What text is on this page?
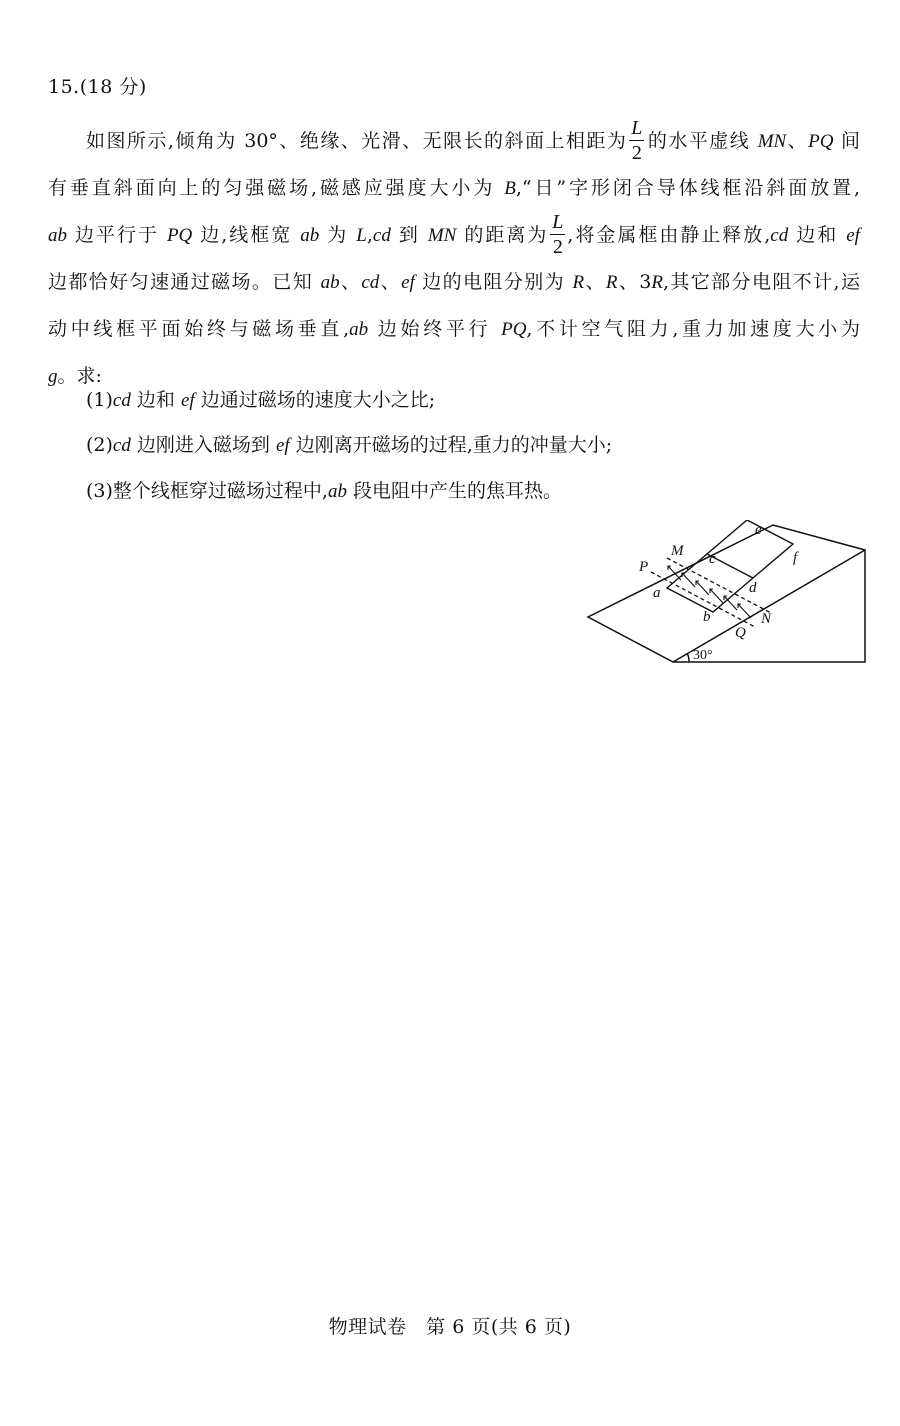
15.(18 分)
如图所示,倾角为 30°、绝缘、光滑、无限长的斜面上相距为 $\frac{L}{2}$ 的水平虚线 MN、PQ 间
有垂直斜面向上的匀强磁场,磁感应强度大小为 B,“日”字形闭合导体线框沿斜面放置,
ab 边平行于 PQ 边,线框宽 ab 为 L,cd 到 MN 的距离为 $\frac{L}{2}$ ,将金属框由静止释放,cd 边和 ef
边都恰好匀速通过磁场。已知 ab、cd、ef 边的电阻分别为 R、R、3R,其它部分电阻不计,运
动中线框平面始终与磁场垂直,ab 边始终平行 PQ,不计空气阻力,重力加速度大小为
g。求:
(1)cd 边和 ef 边通过磁场的速度大小之比;
(2)cd 边刚进入磁场到 ef 边刚离开磁场的过程,重力的冲量大小;
(3)整个线框穿过磁场过程中,ab 段电阻中产生的焦耳热。
P
M c
e
f
a	d
b
Q
N
30°
物理试卷　第 6 页(共 6 页)
